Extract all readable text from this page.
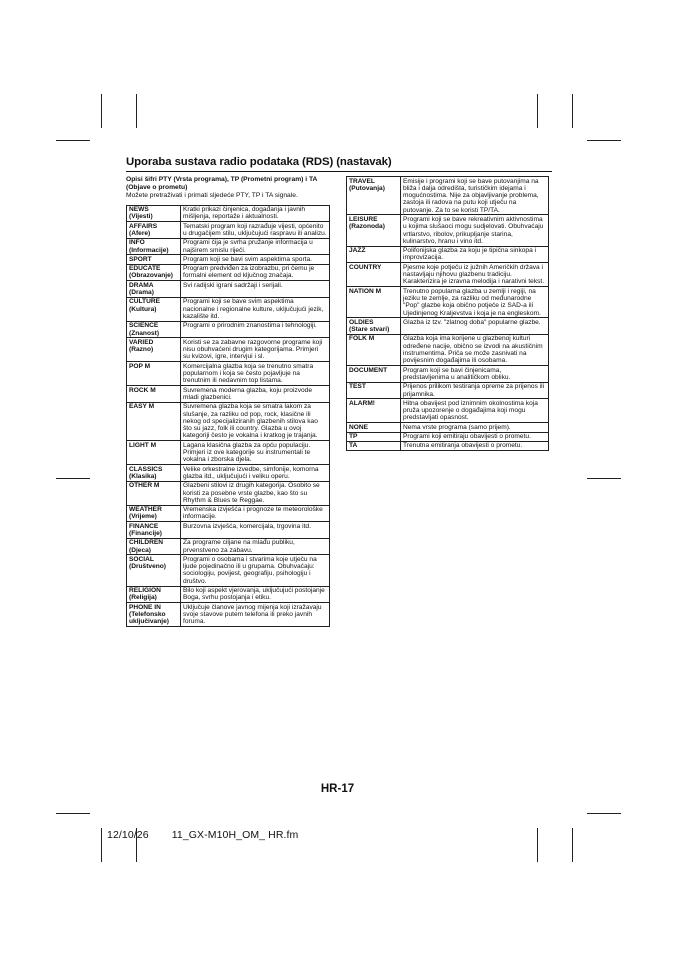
Uporaba sustava radio podataka (RDS) (nastavak)
Opisi šifri PTY (Vrsta programa), TP (Prometni program) i TA (Objave o prometu)
Možete pretraživati i primati sljedeće PTY, TP i TA signale.
NEWS
(Vijesti)	Kratki prikazi činjenica, događanja i javnih mišljenja, reportaže i aktualnosti.
AFFAIRS
(Afere)	Tematski program koji razrađuje vijesti, općenito u drugačijem stilu, uključujući raspravu ili analizu.
INFO
(Informacije)	Programi čija je svrha pružanje informacija u najširem smislu riječi.
SPORT	Program koji se bavi svim aspektima sporta.
EDUCATE
(Obrazovanje)	Program predviđen za izobrazbu, pri čemu je formalni element od ključnog značaja.
DRAMA
(Drama)	Svi radijski igrani sadržaji i serijali.
CULTURE
(Kultura)	Programi koji se bave svim aspektima nacionalne i regionalne kulture, uključujući jezik, kazalište itd.
SCIENCE
(Znanost)	Programi o prirodnim znanostima i tehnologiji.
VARIED
(Razno)	Koristi se za zabavne razgovorne programe koji nisu obuhvaćeni drugim kategorijama. Primjeri su kvizovi, igre, intervjui i sl.
POP M	Komercijalna glazba koja se trenutno smatra popularnom i koja se često pojavljuje na trenutnim ili nedavnim top listama.
ROCK M	Suvremena moderna glazba, koju proizvode mladi glazbenici.
EASY M	Suvremena glazba koja se smatra lakom za slušanje, za razliku od pop, rock, klasične ili nekog od specijaliziranih glazbenih stilova kao što su jazz, folk ili country. Glazba u ovoj kategoriji često je vokalna i kratkog je trajanja.
LIGHT M	Lagana klasična glazba za opću populaciju. Primjeri iz ove kategorije su instrumentali te vokalna i zborska djela.
CLASSICS
(Klasika)	Velike orkestralne izvedbe, simfonije, komorna glazba itd., uključujući i veliku operu.
OTHER M	Glazbeni stilovi iz drugih kategorija. Osobito se koristi za posebne vrste glazbe, kao što su Rhythm & Blues te Reggae.
WEATHER
(Vrijeme)	Vremenska izvješća i prognoze te meteorološke informacije.
FINANCE
(Financije)	Burzovna izvješća, komercijala, trgovina itd.
CHILDREN
(Djeca)	Za programe ciljane na mlađu publiku, prvenstveno za zabavu.
SOCIAL
(Društveno)	Programi o osobama i stvarima koje utječu na ljude pojedinačno ili u grupama. Obuhvaćaju: sociologiju, povijest, geografiju, psihologiju i društvo.
RELIGION
(Religija)	Bilo koji aspekt vjerovanja, uključujući postojanje Boga, svrhu postojanja i etiku.
PHONE IN
(Telefonsko uključivanje)	Uključuje članove javnog mijenja koji izražavaju svoje stavove putem telefona ili preko javnih foruma.
TRAVEL
(Putovanja)	Emisije i programi koji se bave putovanjima na bliža i dalja odredišta, turističkim idejama i mogućnostima. Nije za objavljivanje problema, zastoja ili radova na putu koji utječu na putovanje. Za to se koristi TP/TA.
LEISURE
(Razonoda)	Programi koji se bave rekreativnim aktivnostima u kojima slušaoci mogu sudjelovati. Obuhvaćaju vrtlarstvo, ribolov, prikupljanje starina, kulinarstvo, hranu i vino itd.
JAZZ	Polifonijska glazba za koju je tipična sinkopa i improvizacija.
COUNTRY	Pjesme koje potječu iz južnih Američkih država i nastavljaju njihovu glazbenu tradiciju. Karakterizira je izravna melodija i narativni tekst.
NATION M	Trenutno popularna glazba u zemlji i regiji, na jeziku te zemlje, za razliku od međunarodne "Pop" glazbe koja obično potječe iz SAD-a ili Ujedinjenog Kraljevstva i koja je na engleskom.
OLDIES
(Stare stvari)	Glazba iz tzv. "zlatnog doba" popularne glazbe.
FOLK M	Glazba koja ima korijene u glazbenoj kulturi određene nacije, obično se izvodi na akustičnim instrumentima. Priča se može zasnivati na povijesnim događajima ili osobama.
DOCUMENT	Program koji se bavi činjenicama, predstavljenima u analitičkom obliku.
TEST	Prijenos prilikom testiranja opreme za prijenos ili prijamnika.
ALARM!	Hitna obavijest pod iznimnim okolnostima koja pruža upozorenje o događajima koji mogu predstavljati opasnost.
NONE	Nema vrste programa (samo prijem).
TP	Programi koji emitiraju obavijesti o prometu.
TA	Trenutna emitiranja obavijesti o prometu.
HR-17
12/10/26 11_GX-M10H_OM_ HR.fm
